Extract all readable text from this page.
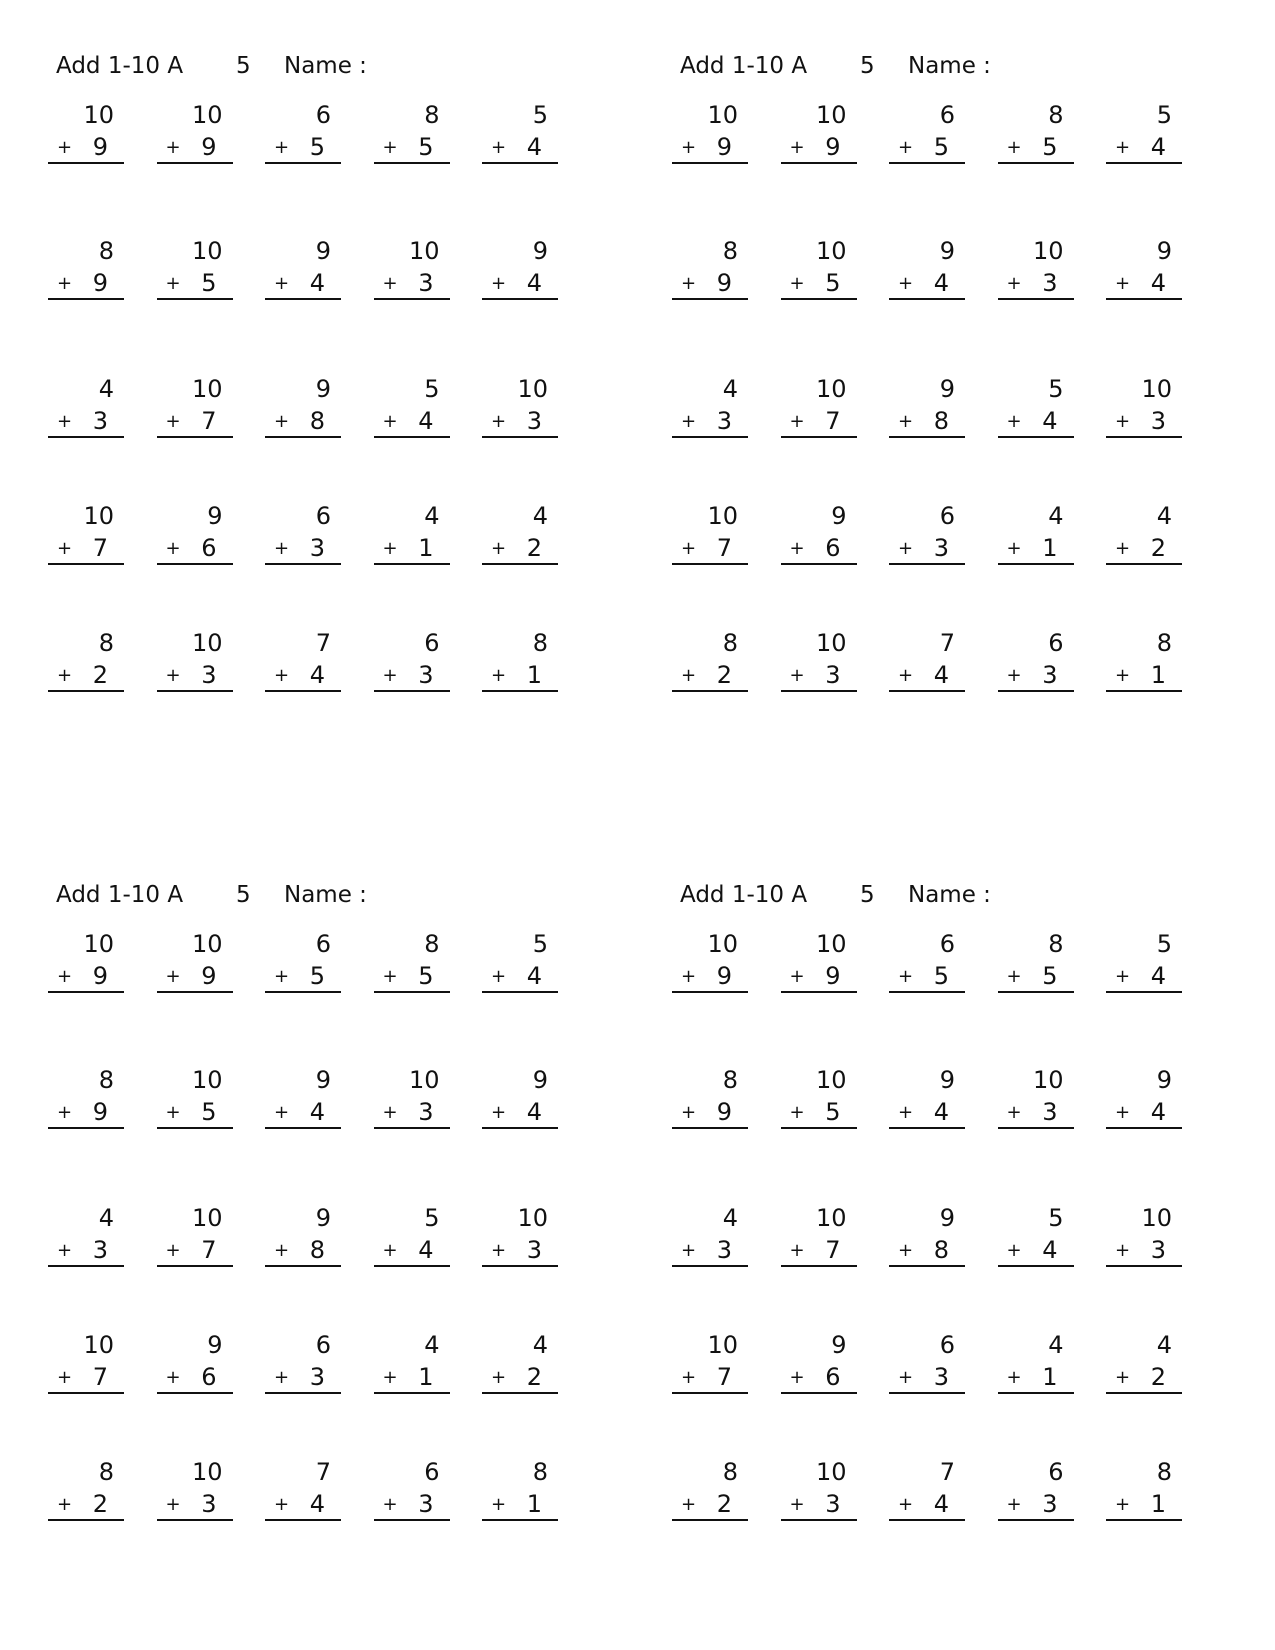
Add 1-10 A 5 Name :
10
+ 9
10
+ 9
6
+ 5
8
+ 5
5
+ 4
8
+ 9
10
+ 5
9
+ 4
10
+ 3
9
+ 4
4
+ 3
10
+ 7
9
+ 8
5
+ 4
10
+ 3
10
+ 7
9
+ 6
6
+ 3
4
+ 1
4
+ 2
8
+ 2
10
+ 3
7
+ 4
6
+ 3
8
+ 1
Add 1-10 A 5 Name :
10
+ 9
10
+ 9
6
+ 5
8
+ 5
5
+ 4
8
+ 9
10
+ 5
9
+ 4
10
+ 3
9
+ 4
4
+ 3
10
+ 7
9
+ 8
5
+ 4
10
+ 3
10
+ 7
9
+ 6
6
+ 3
4
+ 1
4
+ 2
8
+ 2
10
+ 3
7
+ 4
6
+ 3
8
+ 1
Add 1-10 A 5 Name :
10
+ 9
10
+ 9
6
+ 5
8
+ 5
5
+ 4
8
+ 9
10
+ 5
9
+ 4
10
+ 3
9
+ 4
4
+ 3
10
+ 7
9
+ 8
5
+ 4
10
+ 3
10
+ 7
9
+ 6
6
+ 3
4
+ 1
4
+ 2
8
+ 2
10
+ 3
7
+ 4
6
+ 3
8
+ 1
Add 1-10 A 5 Name :
10
+ 9
10
+ 9
6
+ 5
8
+ 5
5
+ 4
8
+ 9
10
+ 5
9
+ 4
10
+ 3
9
+ 4
4
+ 3
10
+ 7
9
+ 8
5
+ 4
10
+ 3
10
+ 7
9
+ 6
6
+ 3
4
+ 1
4
+ 2
8
+ 2
10
+ 3
7
+ 4
6
+ 3
8
+ 1
